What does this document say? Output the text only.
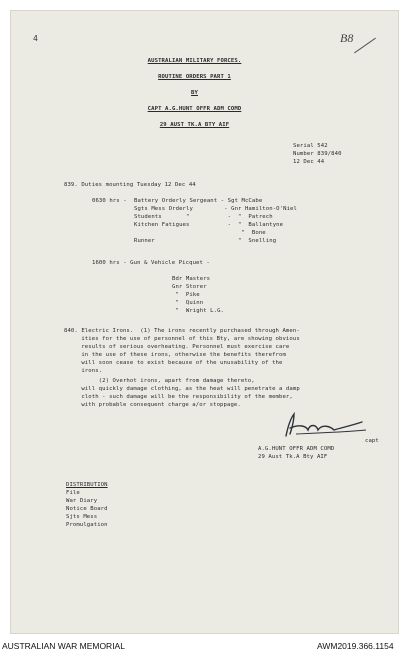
4	B8
AUSTRALIAN MILITARY FORCES.
ROUTINE ORDERS PART 1
BY
CAPT A.G.HUNT OFFR ADM COMD
29 AUST TK.A BTY AIF
Serial 542
Number 839/840
12 Dec 44
839. Duties mounting Tuesday 12 Dec 44
0630 hrs - Battery Orderly Sergeant - Sgt McCabe
Sgts Mess Orderly         - Gnr Hamilton-O'Niel
Students       "           -  "  Patrech
Kitchen Fatigues           -  "  Ballantyne
"  Bone
Runner                        "  Snelling
1600 hrs - Gun & Vehicle Picquet -
Bdr Masters
Gnr Storer
"  Pike
"  Quinn
"  Wright L.G.
840. Electric Irons.  (1) The irons recently purchased through Amen-
ities for the use of personnel of this Bty, are showing obvious
results of serious overheating. Personnel must exercise care
in the use of these irons, otherwise the benefits therefrom
will soon cease to exist because of the unusability of the
irons.
(2) Overhot irons, apart from damage thereto,
will quickly damage clothing, as the heat will penetrate a damp
cloth - such damage will be the responsibility of the member,
with probable consequent charge a/or stoppage.
capt
A.G.HUNT OFFR ADM COMD
29 Aust Tk.A Bty AIF
DISTRIBUTION
File
War Diary
Notice Board
Sjts Mess
Promulgation
AUSTRALIAN WAR MEMORIAL	AWM2019.366.1154
